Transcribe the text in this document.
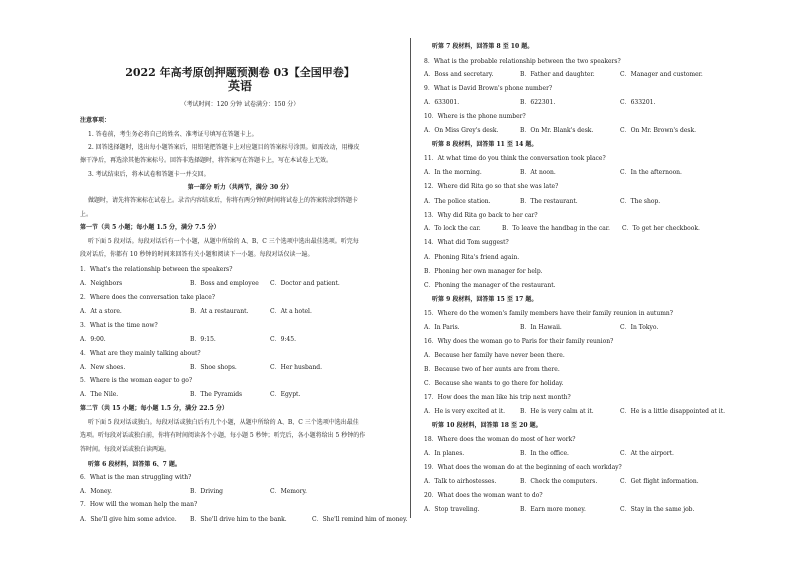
2022 年高考原创押题预测卷 03【全国甲卷】
英语
（考试时间：120 分钟 试卷满分：150 分）
注意事项：
1. 答卷前，考生务必将自己的姓名、准考证号填写在答题卡上。
2. 回答选择题时，选出每小题答案后，用铅笔把答题卡上对应题目的答案标号涂黑。如需改动，用橡皮
擦干净后，再选涂其他答案标号。回答非选择题时，将答案写在答题卡上，写在本试卷上无效。
3. 考试结束后，将本试卷和答题卡一并交回。
第一部分 听力（共两节，满分 30 分）
做题时，请先将答案标在试卷上。录音内容结束后，你将有两分钟的时间将试卷上的答案转涂到答题卡
上。
第一节（共 5 小题；每小题 1.5 分，满分 7.5 分）
听下面 5 段对话。每段对话后有一个小题，从题中所给的 A、B、C 三个选项中选出最佳选项。听完每
段对话后，你都有 10 秒钟的时间来回答有关小题和阅读下一小题。每段对话仅读一遍。
1．What's the relationship between the speakers?
A．Neighbors	B．Boss and employee C．Doctor and patient.
2．Where does the conversation take place?
A．At a store.	B．At a restaurant.	C．At a hotel.
3．What is the time now?
A．9:00.	B．9:15.	C．9:45.
4．What are they mainly talking about?
A．New shoes.	B．Shoe shops.	C．Her husband.
5．Where is the woman eager to go?
A．The Nile.	B．The Pyramids	C．Egypt.
第二节（共 15 小题；每小题 1.5 分，满分 22.5 分）
听下面 5 段对话或独白。每段对话或独白后有几个小题，从题中所给的 A、B、C 三个选项中选出最佳
选项。听每段对话或独白前，你将有时间阅读各个小题，每小题 5 秒钟；听完后，各小题将给出 5 秒钟的作
答时间。每段对话或独白读两遍。
听第 6 段材料，回答第 6、7 题。
6．What is the man struggling with?
A．Money.	B．Driving	C．Memory.
7．How will the woman help the man?
A．She'll give him some advice. B．She'll drive him to the bank.	C．She'll remind him of money.
听第 7 段材料，回答第 8 至 10 题。
8．What is the probable relationship between the two speakers?
A．Boss and secretary.	B．Father and daughter.	C．Manager and customer.
9．What is David Brown's phone number?
A．633001.	B．622301.	C．633201.
10．Where is the phone number?
A．On Miss Grey's desk.	B．On Mr. Blank's desk.	C．On Mr. Brown's desk.
听第 8 段材料，回答第 11 至 14 题。
11．At what time do you think the conversation took place?
A．In the morning.	B．At noon.	C．In the afternoon.
12．Where did Rita go so that she was late?
A．The police station.	B．The restaurant.	C．The shop.
13．Why did Rita go back to her car?
A．To lock the car.	B．To leave the handbag in the car. C．To get her checkbook.
14．What did Tom suggest?
A．Phoning Rita's friend again.
B．Phoning her own manager for help.
C．Phoning the manager of the restaurant.
听第 9 段材料，回答第 15 至 17 题。
15．Where do the women's family members have their family reunion in autumn?
A．In Paris.	B．In Hawaii.	C．In Tokyo.
16．Why does the woman go to Paris for their family reunion?
A．Because her family have never been there.
B．Because two of her aunts are from there.
C．Because she wants to go there for holiday.
17．How does the man like his trip next month?
A．He is very excited at it. B．He is very calm at it.	C．He is a little disappointed at it.
听第 10 段材料，回答第 18 至 20 题。
18．Where does the woman do most of her work?
A．In planes.	B．In the office.	C．At the airport.
19．What does the woman do at the beginning of each workday?
A．Talk to airhostesses.	B．Check the computers.	C．Get flight information.
20．What does the woman want to do?
A．Stop traveling.	B．Earn more money.	C．Stay in the same job.
